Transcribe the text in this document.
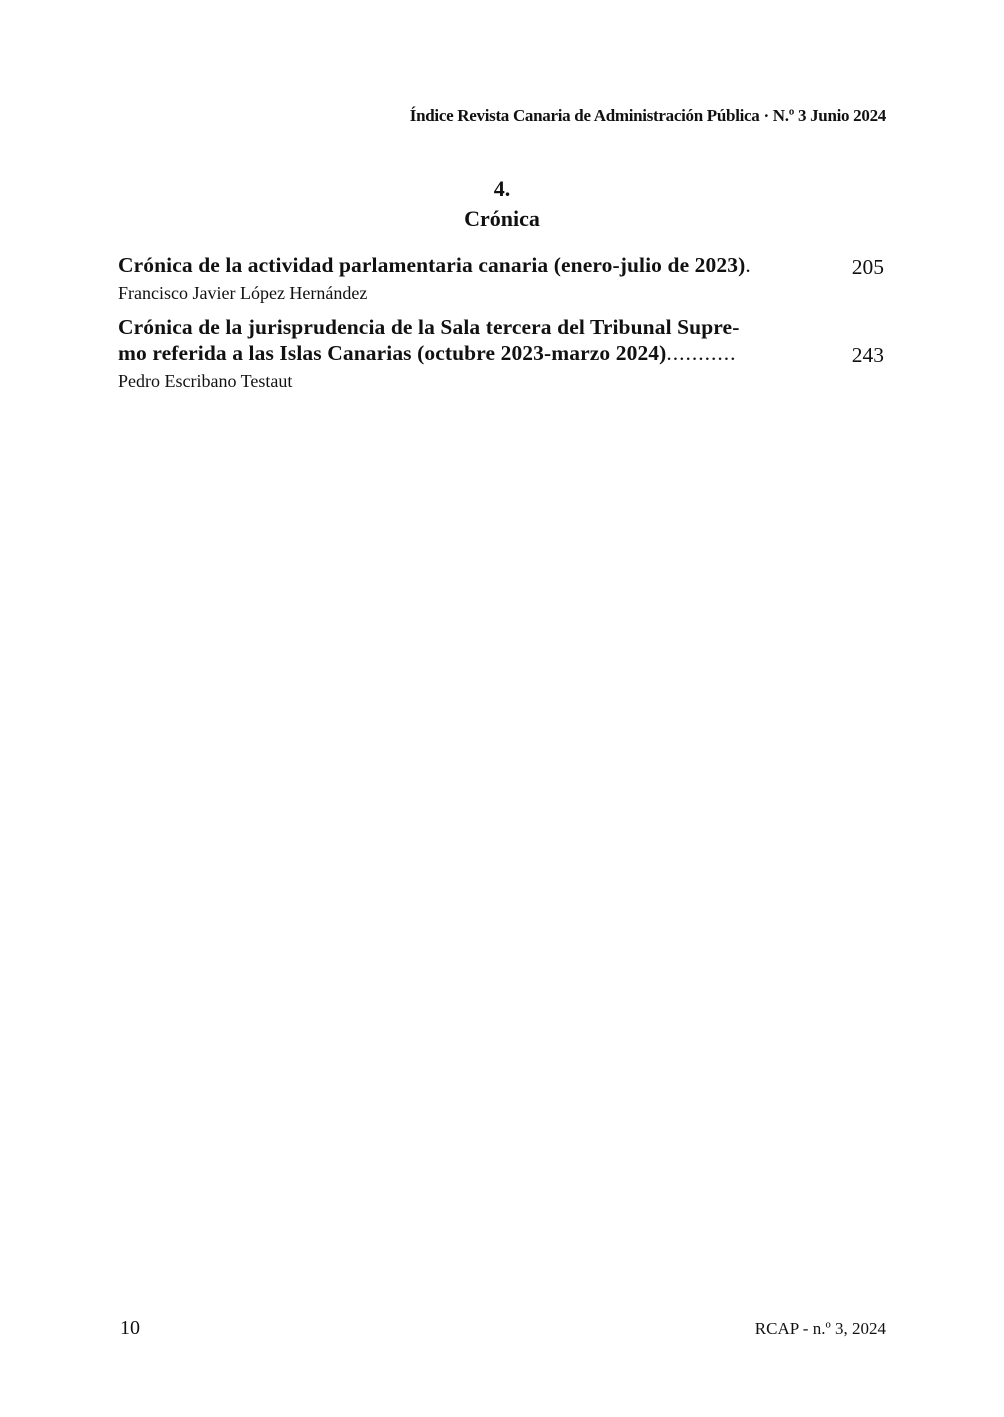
Índice Revista Canaria de Administración Pública · N.º 3 Junio 2024
4.
Crónica
Crónica de la actividad parlamentaria canaria (enero-julio de 2023).
Francisco Javier López Hernández
205
Crónica de la jurisprudencia de la Sala tercera del Tribunal Supre-
mo referida a las Islas Canarias (octubre 2023-marzo 2024)...........
Pedro Escribano Testaut
243
10	RCAP - n.º 3, 2024
